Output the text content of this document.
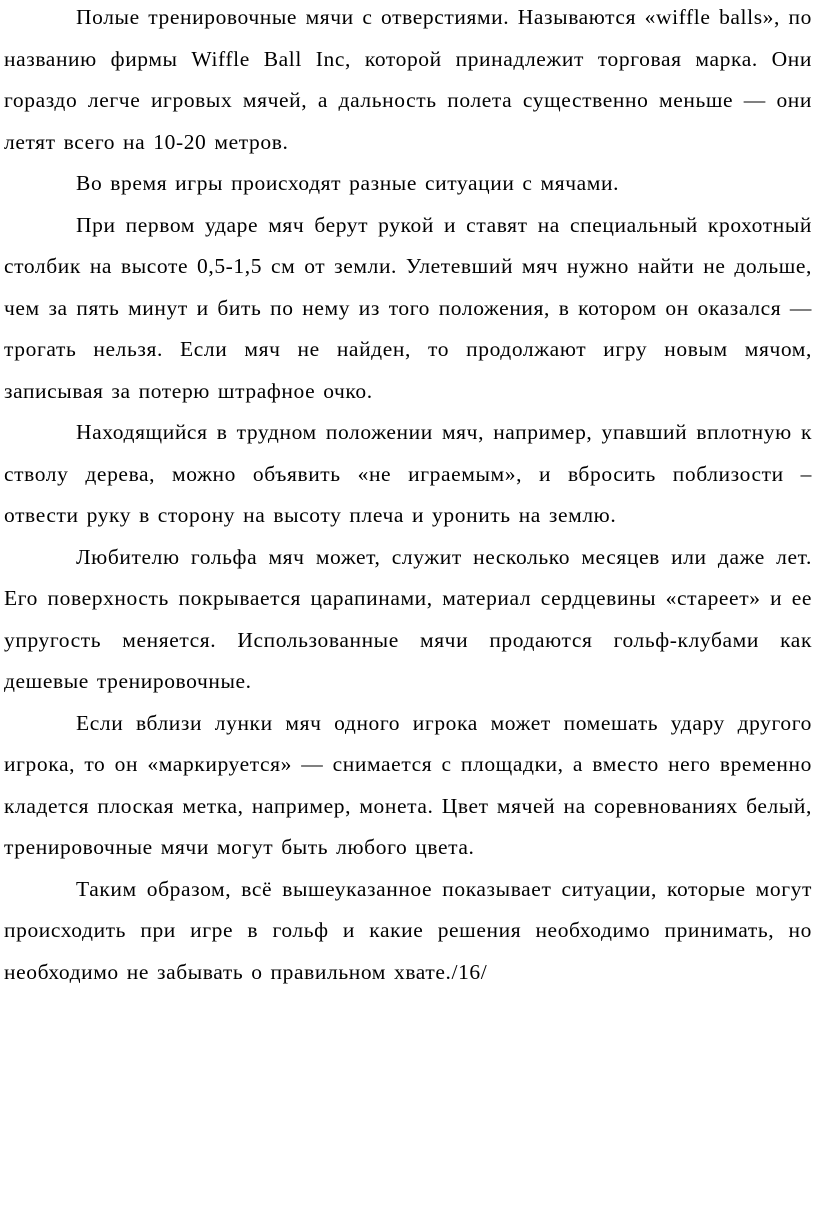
Полые тренировочные мячи с отверстиями. Называются «wiffle balls», по названию фирмы Wiffle Ball Inc, которой принадлежит торговая марка. Они гораздо легче игровых мячей, а дальность полета существенно меньше — они летят всего на 10-20 метров.

Во время игры происходят разные ситуации с мячами.

При первом ударе мяч берут рукой и ставят на специальный крохотный столбик на высоте 0,5-1,5 см от земли. Улетевший мяч нужно найти не дольше, чем за пять минут и бить по нему из того положения, в котором он оказался — трогать нельзя. Если мяч не найден, то продолжают игру новым мячом, записывая за потерю штрафное очко.

Находящийся в трудном положении мяч, например, упавший вплотную к стволу дерева, можно объявить «не играемым», и вбросить поблизости – отвести руку в сторону на высоту плеча и уронить на землю.

Любителю гольфа мяч может, служит несколько месяцев или даже лет. Его поверхность покрывается царапинами, материал сердцевины «стареет» и ее упругость меняется. Использованные мячи продаются гольф-клубами как дешевые тренировочные.

Если вблизи лунки мяч одного игрока может помешать удару другого игрока, то он «маркируется» — снимается с площадки, а вместо него временно кладется плоская метка, например, монета. Цвет мячей на соревнованиях белый, тренировочные мячи могут быть любого цвета.

Таким образом, всё вышеуказанное показывает ситуации, которые могут происходить при игре в гольф и какие решения необходимо принимать, но необходимо не забывать о правильном хвате./16/
